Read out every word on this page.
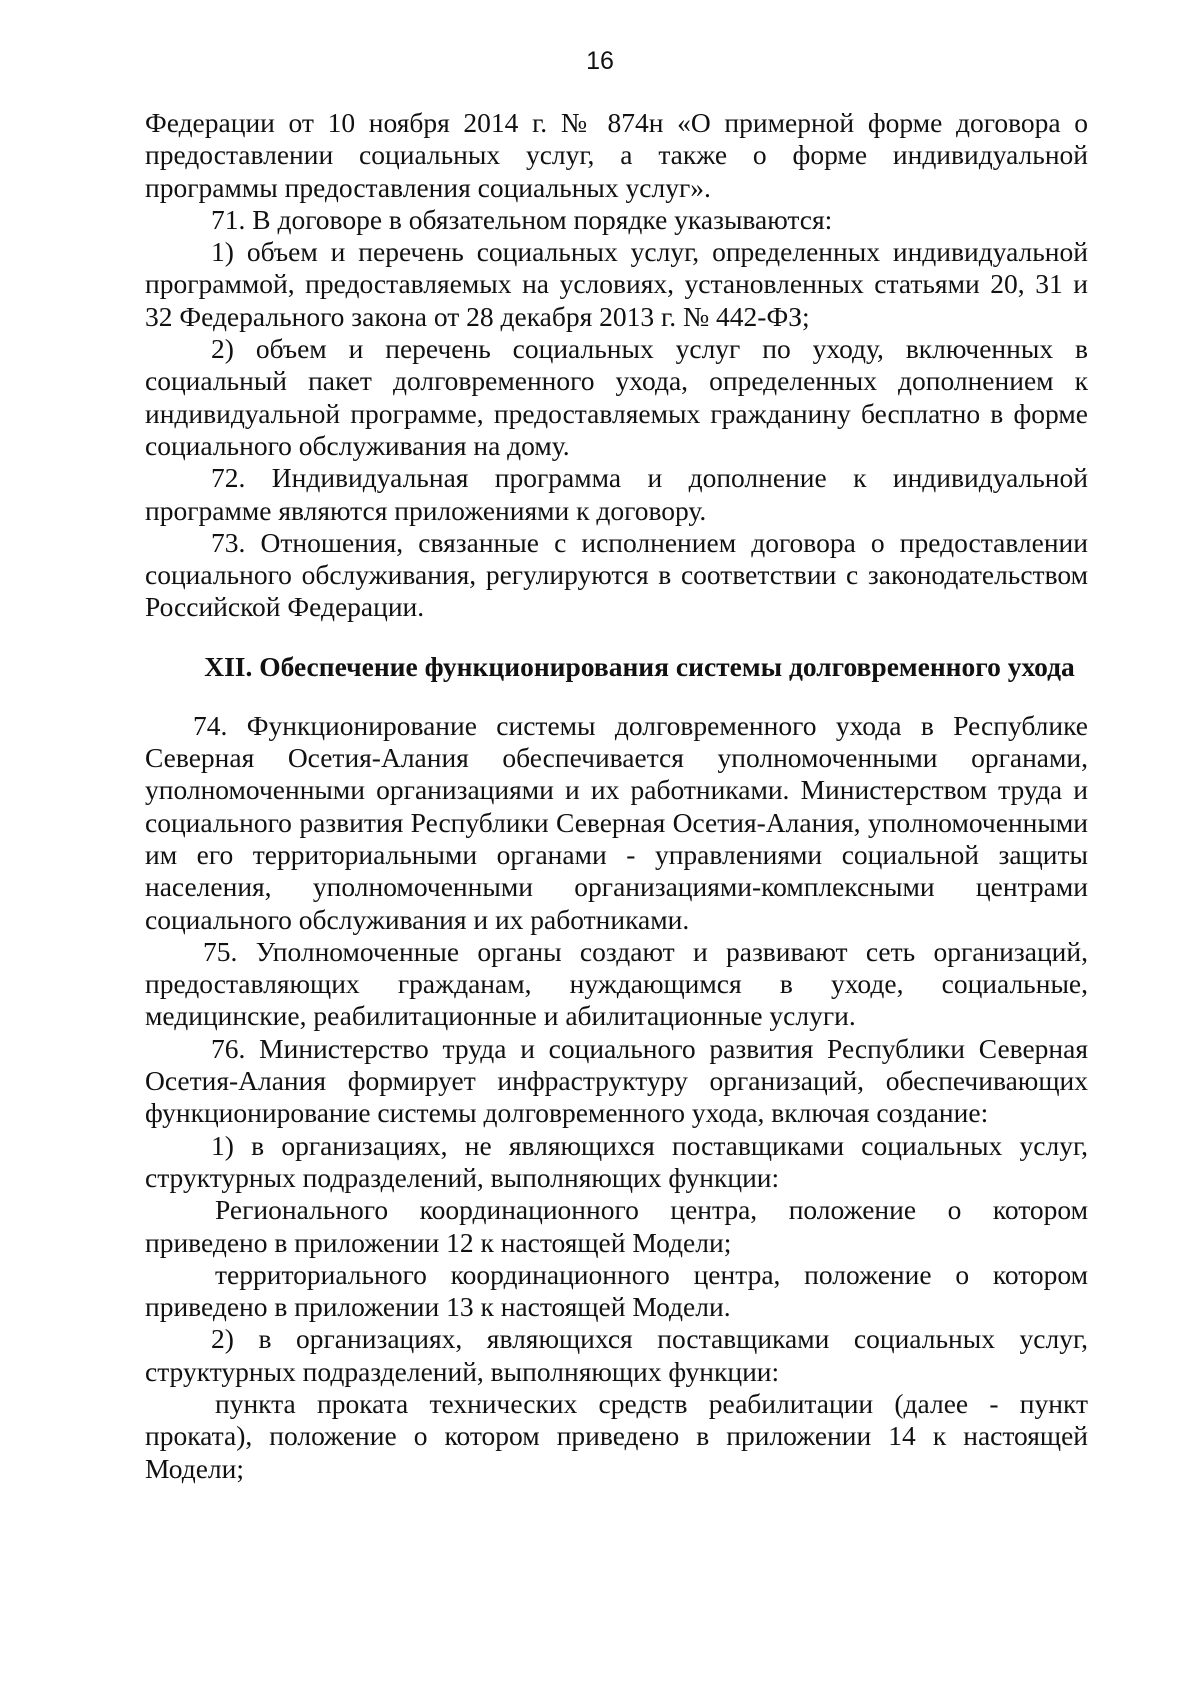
16

Федерации от 10 ноября 2014 г. № 874н «О примерной форме договора о предоставлении социальных услуг, а также о форме индивидуальной программы предоставления социальных услуг».

71. В договоре в обязательном порядке указываются:

1) объем и перечень социальных услуг, определенных индивидуальной программой, предоставляемых на условиях, установленных статьями 20, 31 и 32 Федерального закона от 28 декабря 2013 г. № 442-ФЗ;

2) объем и перечень социальных услуг по уходу, включенных в социальный пакет долговременного ухода, определенных дополнением к индивидуальной программе, предоставляемых гражданину бесплатно в форме социального обслуживания на дому.

72. Индивидуальная программа и дополнение к индивидуальной программе являются приложениями к договору.

73. Отношения, связанные с исполнением договора о предоставлении социального обслуживания, регулируются в соответствии с законодательством Российской Федерации.

XII. Обеспечение функционирования системы долговременного ухода

74. Функционирование системы долговременного ухода в Республике Северная Осетия-Алания обеспечивается уполномоченными органами, уполномоченными организациями и их работниками. Министерством труда и социального развития Республики Северная Осетия-Алания, уполномоченными им его территориальными органами - управлениями социальной защиты населения, уполномоченными организациями-комплексными центрами социального обслуживания и их работниками.

75. Уполномоченные органы создают и развивают сеть организаций, предоставляющих гражданам, нуждающимся в уходе, социальные, медицинские, реабилитационные и абилитационные услуги.

76. Министерство труда и социального развития Республики Северная Осетия-Алания формирует инфраструктуру организаций, обеспечивающих функционирование системы долговременного ухода, включая создание:

1) в организациях, не являющихся поставщиками социальных услуг, структурных подразделений, выполняющих функции:

Регионального координационного центра, положение о котором приведено в приложении 12 к настоящей Модели;

территориального координационного центра, положение о котором приведено в приложении 13 к настоящей Модели.

2) в организациях, являющихся поставщиками социальных услуг, структурных подразделений, выполняющих функции:

пункта проката технических средств реабилитации (далее - пункт проката), положение о котором приведено в приложении 14 к настоящей Модели;
